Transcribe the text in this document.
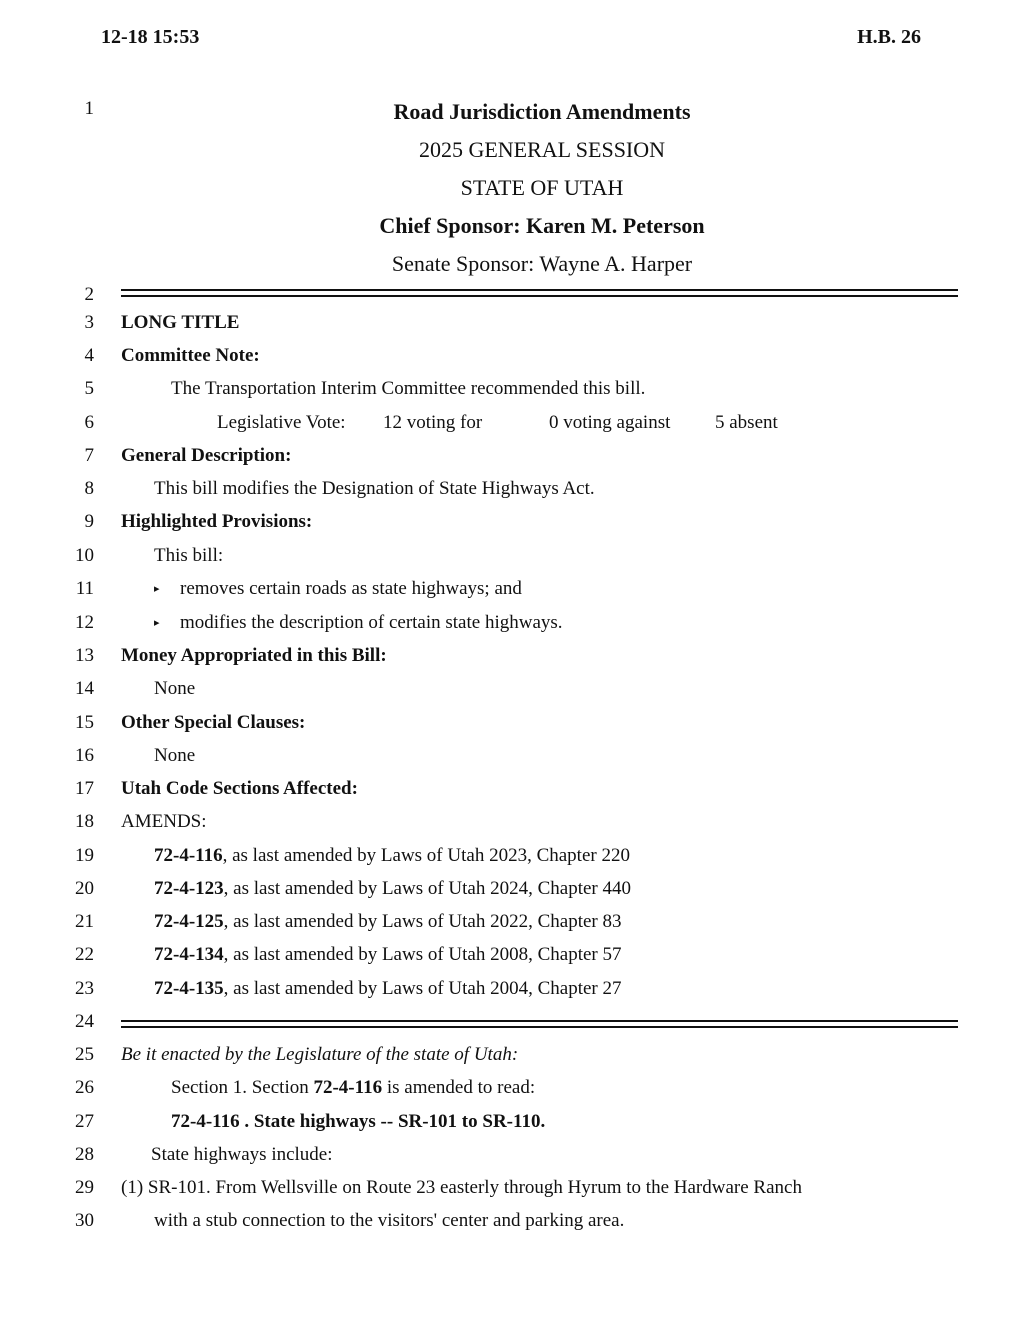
12-18 15:53	H.B. 26
Road Jurisdiction Amendments
2025 GENERAL SESSION
STATE OF UTAH
Chief Sponsor: Karen M. Peterson
Senate Sponsor: Wayne A. Harper
1
2
3
4
5
6
7
8
9
10
11
12
13
14
15
16
17
18
19
20
21
22
23
24
25
26
27
28
29
30
LONG TITLE
Committee Note:
The Transportation Interim Committee recommended this bill.
Legislative Vote: 12 voting for	0 voting against 5 absent
General Description:
This bill modifies the Designation of State Highways Act.
Highlighted Provisions:
This bill:
▸ removes certain roads as state highways; and
▸ modifies the description of certain state highways.
Money Appropriated in this Bill:
None
Other Special Clauses:
None
Utah Code Sections Affected:
AMENDS:
72-4-116, as last amended by Laws of Utah 2023, Chapter 220
72-4-123, as last amended by Laws of Utah 2024, Chapter 440
72-4-125, as last amended by Laws of Utah 2022, Chapter 83
72-4-134, as last amended by Laws of Utah 2008, Chapter 57
72-4-135, as last amended by Laws of Utah 2004, Chapter 27
Be it enacted by the Legislature of the state of Utah:
Section 1. Section 72-4-116 is amended to read:
72-4-116 . State highways -- SR-101 to SR-110.
State highways include:
(1) SR-101. From Wellsville on Route 23 easterly through Hyrum to the Hardware Ranch
with a stub connection to the visitors' center and parking area.
